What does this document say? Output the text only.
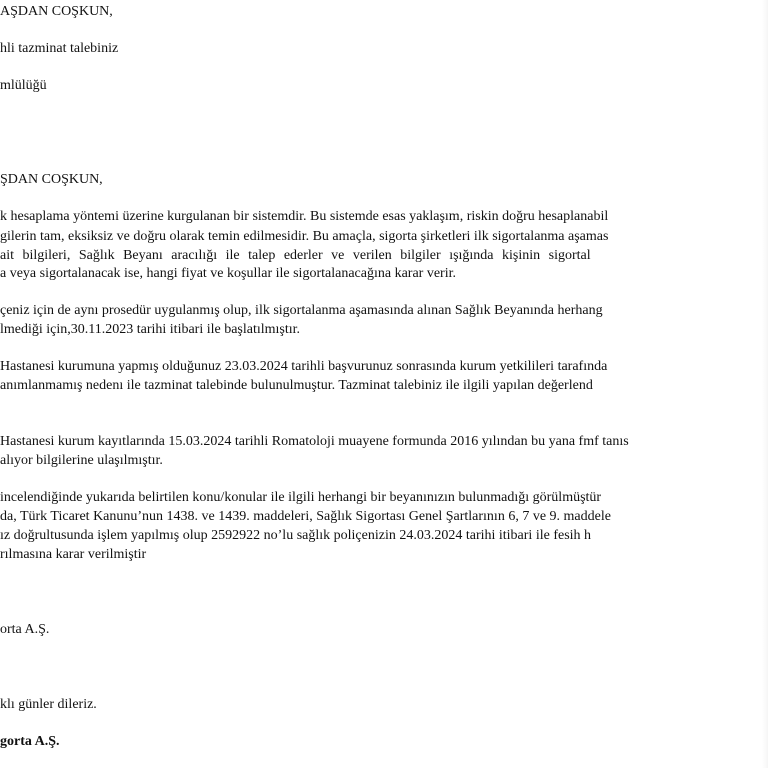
AŞDAN COŞKUN,
hli tazminat talebiniz
mlülüğü
ŞDAN COŞKUN,
k hesaplama yöntemi üzerine kurgulanan bir sistemdir. Bu sistemde esas yaklaşım, riskin doğru hesaplanabil
gilerin tam, eksiksiz ve doğru olarak temin edilmesidir. Bu amaçla, sigorta şirketleri ilk sigortalanma aşamas
ait bilgileri, Sağlık Beyanı aracılığı ile talep ederler ve verilen bilgiler ışığında kişinin sigortal
a veya sigortalanacak ise, hangi fiyat ve koşullar ile sigortalanacağına karar verir.
çeniz için de aynı prosedür uygulanmış olup, ilk sigortalanma aşamasında alınan Sağlık Beyanında herhang
lmediği için,30.11.2023 tarihi itibari ile başlatılmıştır.
Hastanesi kurumuna yapmış olduğunuz 23.03.2024 tarihli başvurunuz sonrasında kurum yetkilileri tarafında
anımlanmamış nedenı ile tazminat talebinde bulunulmuştur. Tazminat talebiniz ile ilgili yapılan değerlend
Hastanesi kurum kayıtlarında 15.03.2024 tarihli Romatoloji muayene formunda 2016 yılından bu yana fmf tanıs
alıyor bilgilerine ulaşılmıştır.
incelendiğinde yukarıda belirtilen konu/konular ile ilgili herhangi bir beyanınızın bulunmadığı görülmüştür
da, Türk Ticaret Kanunu’nun 1438. ve 1439. maddeleri, Sağlık Sigortası Genel Şartlarının 6, 7 ve 9. maddele
ız doğrultusunda işlem yapılmış olup 2592922 no’lu sağlık poliçenizin 24.03.2024 tarihi itibari ile fesih h
rılmasına karar verilmiştir
orta A.Ş.
klı günler dileriz.
gorta A.Ş.
